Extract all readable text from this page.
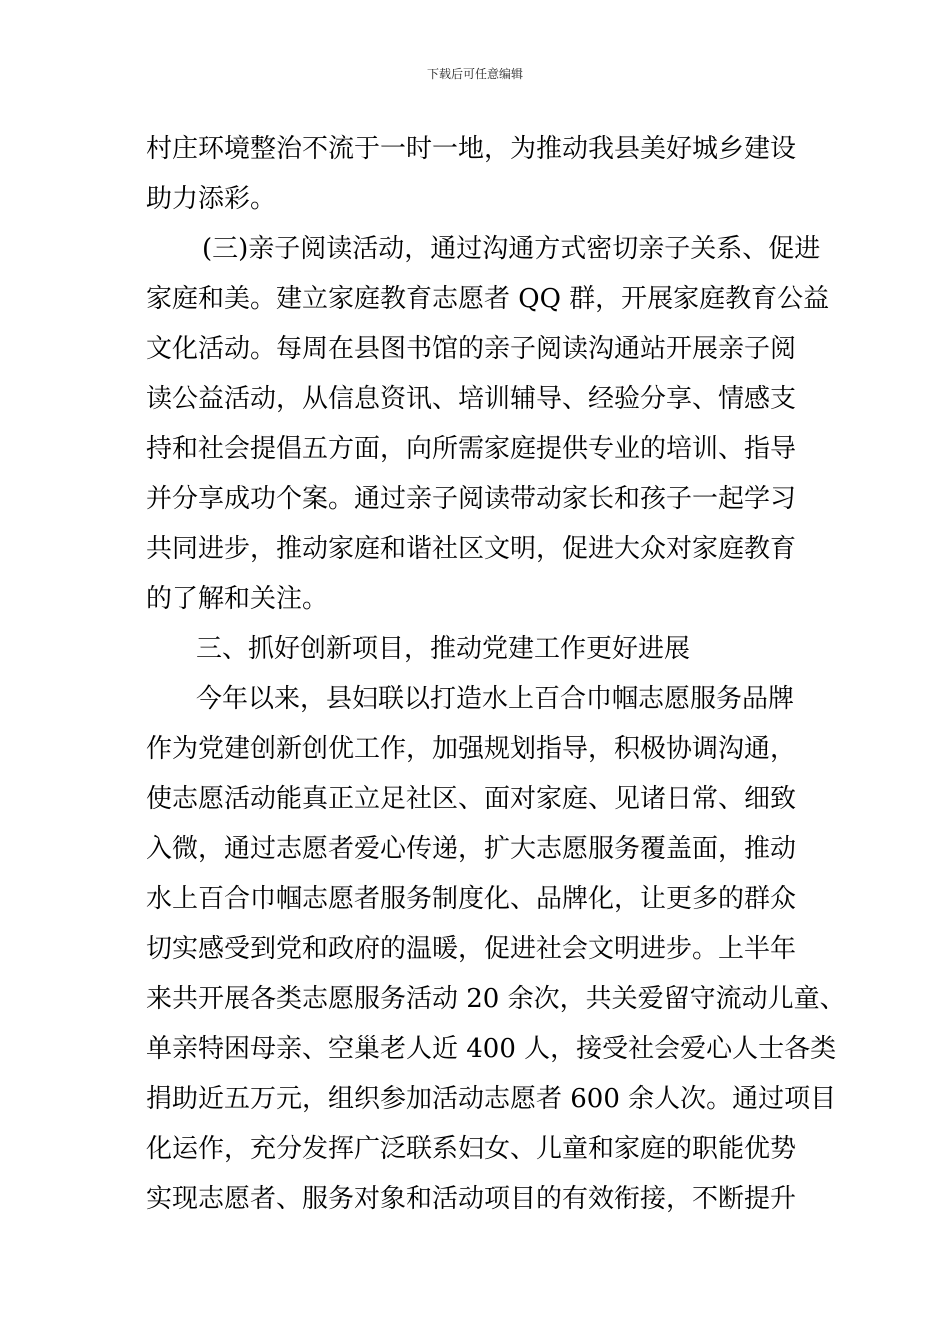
下载后可任意编辑
村庄环境整治不流于一时一地，为推动我县美好城乡建设
助力添彩。
(三)亲子阅读活动，通过沟通方式密切亲子关系、促进
家庭和美。建立家庭教育志愿者 QQ 群，开展家庭教育公益
文化活动。每周在县图书馆的亲子阅读沟通站开展亲子阅
读公益活动，从信息资讯、培训辅导、经验分享、情感支
持和社会提倡五方面，向所需家庭提供专业的培训、指导
并分享成功个案。通过亲子阅读带动家长和孩子一起学习
共同进步，推动家庭和谐社区文明，促进大众对家庭教育
的了解和关注。
三、抓好创新项目，推动党建工作更好进展
今年以来，县妇联以打造水上百合巾帼志愿服务品牌
作为党建创新创优工作，加强规划指导，积极协调沟通，
使志愿活动能真正立足社区、面对家庭、见诸日常、细致
入微，通过志愿者爱心传递，扩大志愿服务覆盖面，推动
水上百合巾帼志愿者服务制度化、品牌化，让更多的群众
切实感受到党和政府的温暖，促进社会文明进步。上半年
来共开展各类志愿服务活动 20 余次，共关爱留守流动儿童、
单亲特困母亲、空巢老人近 400 人，接受社会爱心人士各类
捐助近五万元，组织参加活动志愿者 600 余人次。通过项目
化运作，充分发挥广泛联系妇女、儿童和家庭的职能优势
实现志愿者、服务对象和活动项目的有效衔接，不断提升
